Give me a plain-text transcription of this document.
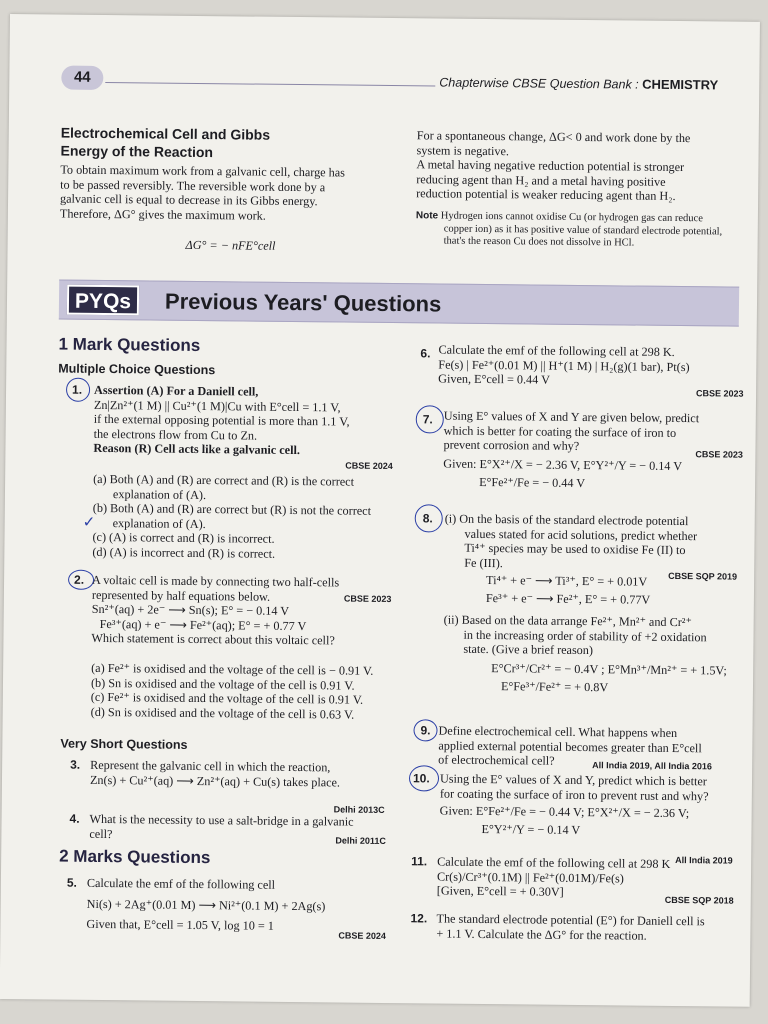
44	Chapterwise CBSE Question Bank : CHEMISTRY
Electrochemical Cell and Gibbs
Energy of the Reaction
To obtain maximum work from a galvanic cell, charge has
to be passed reversibly. The reversible work done by a
galvanic cell is equal to decrease in its Gibbs energy.
Therefore, ΔG° gives the maximum work.
ΔG° = − nFE°cell
For a spontaneous change, ΔG< 0 and work done by the
system is negative.
A metal having negative reduction potential is stronger
reducing agent than H₂ and a metal having positive
reduction potential is weaker reducing agent than H₂.
Note Hydrogen ions cannot oxidise Cu (or hydrogen gas can reduce
copper ion) as it has positive value of standard electrode potential,
that's the reason Cu does not dissolve in HCl.
PYQs	Previous Years' Questions
1 Mark Questions
Multiple Choice Questions
1. Assertion (A) For a Daniell cell,
Zn|Zn²⁺(1 M) || Cu²⁺(1 M)|Cu with E°cell = 1.1 V,
if the external opposing potential is more than 1.1 V,
the electrons flow from Cu to Zn.
Reason (R) Cell acts like a galvanic cell.
CBSE 2024
(a) Both (A) and (R) are correct and (R) is the correct
explanation of (A).
(b) Both (A) and (R) are correct but (R) is not the correct
explanation of (A).
(c) (A) is correct and (R) is incorrect.
(d) (A) is incorrect and (R) is correct.
✓
2. A voltaic cell is made by connecting two half-cells
represented by half equations below.
Sn²⁺(aq) + 2e⁻ ⟶ Sn(s); E° = − 0.14 V
Fe³⁺(aq) + e⁻ ⟶ Fe²⁺(aq); E° = + 0.77 V
Which statement is correct about this voltaic cell?
CBSE 2023
(a) Fe²⁺ is oxidised and the voltage of the cell is − 0.91 V.
(b) Sn is oxidised and the voltage of the cell is 0.91 V.
(c) Fe²⁺ is oxidised and the voltage of the cell is 0.91 V.
(d) Sn is oxidised and the voltage of the cell is 0.63 V.
Very Short Questions
3. Represent the galvanic cell in which the reaction,
Zn(s) + Cu²⁺(aq) ⟶ Zn²⁺(aq) + Cu(s) takes place.
Delhi 2013C
4. What is the necessity to use a salt-bridge in a galvanic
cell?
Delhi 2011C
2 Marks Questions
5. Calculate the emf of the following cell
Ni(s) + 2Ag⁺(0.01 M) ⟶ Ni²⁺(0.1 M) + 2Ag(s)
Given that, E°cell = 1.05 V, log 10 = 1
CBSE 2024
6. Calculate the emf of the following cell at 298 K.
Fe(s) | Fe²⁺(0.01 M) || H⁺(1 M) | H₂(g)(1 bar), Pt(s)
Given, E°cell = 0.44 V
CBSE 2023
7. Using E° values of X and Y are given below, predict
which is better for coating the surface of iron to
prevent corrosion and why?
Given: E°X²⁺/X = − 2.36 V, E°Y²⁺/Y = − 0.14 V
E°Fe²⁺/Fe = − 0.44 V
CBSE 2023
8. (i) On the basis of the standard electrode potential
values stated for acid solutions, predict whether
Ti⁴⁺ species may be used to oxidise Fe (II) to
Fe (III).
Ti⁴⁺ + e⁻ ⟶ Ti³⁺, E° = + 0.01V
Fe³⁺ + e⁻ ⟶ Fe²⁺, E° = + 0.77V
(ii) Based on the data arrange Fe²⁺, Mn²⁺ and Cr²⁺
in the increasing order of stability of +2 oxidation
state. (Give a brief reason)
E°Cr³⁺/Cr²⁺ = − 0.4V ; E°Mn³⁺/Mn²⁺ = + 1.5V;
E°Fe³⁺/Fe²⁺ = + 0.8V
CBSE SQP 2019
9. Define electrochemical cell. What happens when
applied external potential becomes greater than E°cell
of electrochemical cell?	All India 2019, All India 2016
10. Using the E° values of X and Y, predict which is better
for coating the surface of iron to prevent rust and why?
Given: E°Fe²⁺/Fe = − 0.44 V; E°X²⁺/X = − 2.36 V;
E°Y²⁺/Y = − 0.14 V
All India 2019
11. Calculate the emf of the following cell at 298 K
Cr(s)/Cr³⁺(0.1M) || Fe²⁺(0.01M)/Fe(s)
[Given, E°cell = + 0.30V]
CBSE SQP 2018
12. The standard electrode potential (E°) for Daniell cell is
+ 1.1 V. Calculate the ΔG° for the reaction.
